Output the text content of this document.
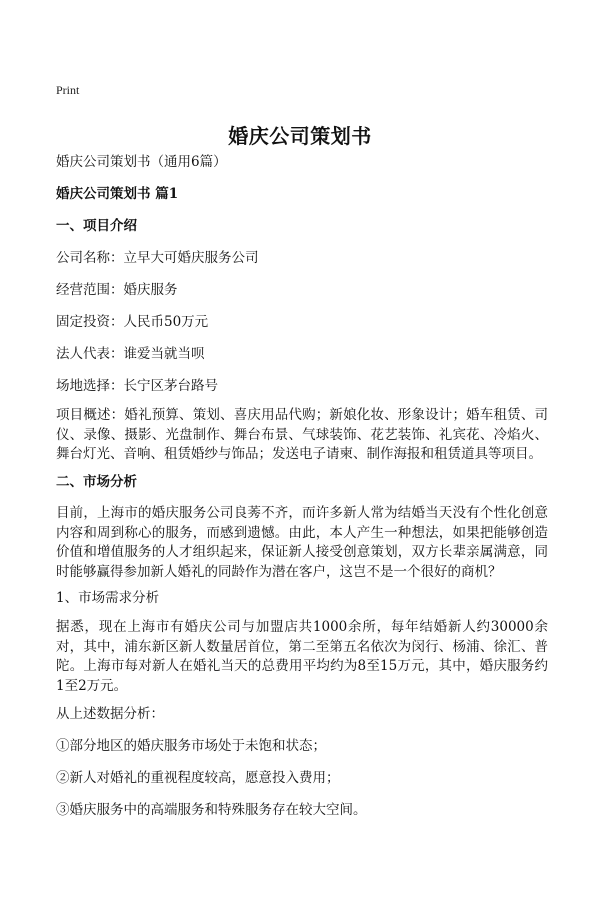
Print
婚庆公司策划书
婚庆公司策划书（通用6篇）
婚庆公司策划书 篇1
一、项目介绍
公司名称：立早大可婚庆服务公司
经营范围：婚庆服务
固定投资：人民币50万元
法人代表：谁爱当就当呗
场地选择：长宁区茅台路号
项目概述：婚礼预算、策划、喜庆用品代购；新娘化妆、形象设计；婚车租赁、司仪、录像、摄影、光盘制作、舞台布景、气球装饰、花艺装饰、礼宾花、冷焰火、舞台灯光、音响、租赁婚纱与饰品；发送电子请柬、制作海报和租赁道具等项目。
二、市场分析
目前，上海市的婚庆服务公司良莠不齐，而许多新人常为结婚当天没有个性化创意内容和周到称心的服务，而感到遗憾。由此，本人产生一种想法，如果把能够创造价值和增值服务的人才组织起来，保证新人接受创意策划，双方长辈亲属满意，同时能够赢得参加新人婚礼的同龄作为潜在客户，这岂不是一个很好的商机？
1、市场需求分析
据悉，现在上海市有婚庆公司与加盟店共1000余所，每年结婚新人约30000余对，其中，浦东新区新人数量居首位，第二至第五名依次为闵行、杨浦、徐汇、普陀。上海市每对新人在婚礼当天的总费用平均约为8至15万元，其中，婚庆服务约1至2万元。
从上述数据分析：
①部分地区的婚庆服务市场处于未饱和状态；
②新人对婚礼的重视程度较高，愿意投入费用；
③婚庆服务中的高端服务和特殊服务存在较大空间。
